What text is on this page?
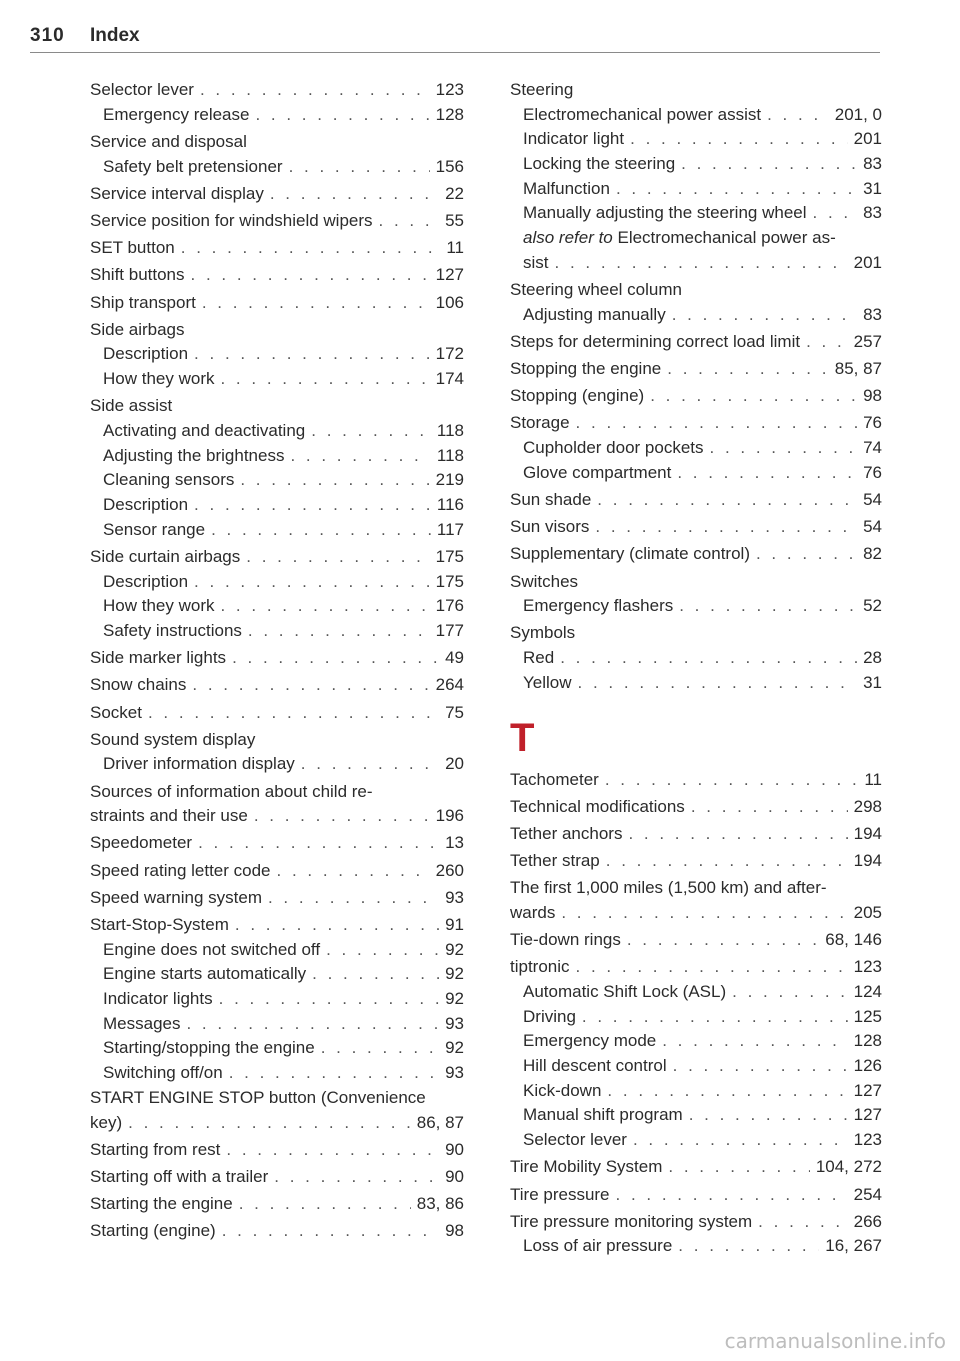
310 Index
Selector lever . . .	123
Emergency release . . .	128
Service and disposal
Safety belt pretensioner . . .	156
Service interval display . . .	22
Service position for windshield wipers . . .	55
SET button . . .	11
Shift buttons . . .	127
Ship transport . . .	106
Side airbags
Description . . .	172
How they work . . .	174
Side assist
Activating and deactivating . . .	118
Adjusting the brightness . . .	118
Cleaning sensors . . .	219
Description . . .	116
Sensor range . . .	117
Side curtain airbags . . .	175
Description . . .	175
How they work . . .	176
Safety instructions . . .	177
Side marker lights . . .	49
Snow chains . . .	264
Socket . . .	75
Sound system display
Driver information display . . .	20
Sources of information about child re-
straints and their use . . .	196
Speedometer . . .	13
Speed rating letter code . . .	260
Speed warning system . . .	93
Start-Stop-System . . .	91
Engine does not switched off . . .	92
Engine starts automatically . . .	92
Indicator lights . . .	92
Messages . . .	93
Starting/stopping the engine . . .	92
Switching off/on . . .	93
START ENGINE STOP button (Convenience
key) . . .	86, 87
Starting from rest . . .	90
Starting off with a trailer . . .	90
Starting the engine . . .	83, 86
Starting (engine) . . .	98
Steering
Electromechanical power assist . . .	201, 0
Indicator light . . .	201
Locking the steering . . .	83
Malfunction . . .	31
Manually adjusting the steering wheel . . .	83
also refer to Electromechanical power as-
sist . . .	201
Steering wheel column
Adjusting manually . . .	83
Steps for determining correct load limit . . .	257
Stopping the engine . . .	85, 87
Stopping (engine) . . .	98
Storage . . .	76
Cupholder door pockets . . .	74
Glove compartment . . .	76
Sun shade . . .	54
Sun visors . . .	54
Supplementary (climate control) . . .	82
Switches
Emergency flashers . . .	52
Symbols
Red . . .	28
Yellow . . .	31
T
Tachometer . . .	11
Technical modifications . . .	298
Tether anchors . . .	194
Tether strap . . .	194
The first 1,000 miles (1,500 km) and after-
wards . . .	205
Tie-down rings . . .	68, 146
tiptronic . . .	123
Automatic Shift Lock (ASL) . . .	124
Driving . . .	125
Emergency mode . . .	128
Hill descent control . . .	126
Kick-down . . .	127
Manual shift program . . .	127
Selector lever . . .	123
Tire Mobility System . . .	104, 272
Tire pressure . . .	254
Tire pressure monitoring system . . .	266
Loss of air pressure . . .	16, 267
carmanualsonline.info
